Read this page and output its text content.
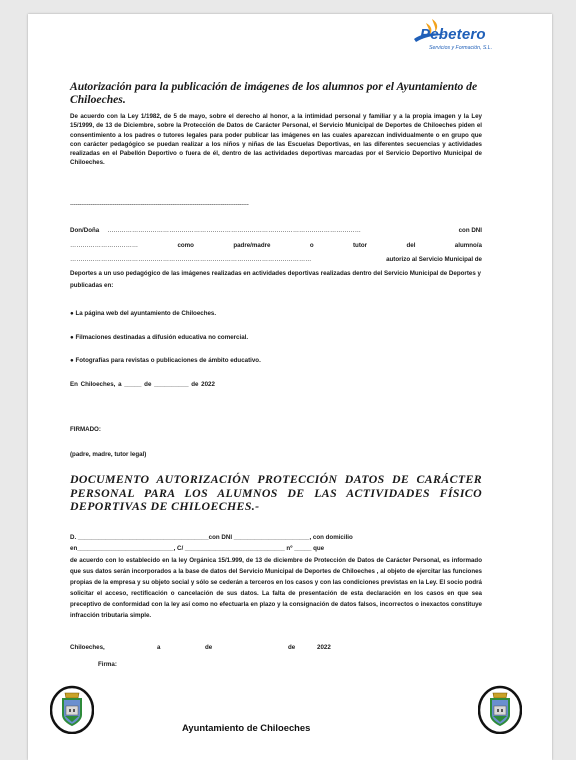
Pebetero
Servicios y Formación, S.L.
Autorización para la publicación de imágenes de los alumnos por el Ayuntamiento de Chiloeches.
De acuerdo con la Ley 1/1982, de 5 de mayo, sobre el derecho al honor, a la intimidad personal y familiar y a la propia imagen y la Ley 15/1999, de 13 de Diciembre, sobre la Protección de Datos de Carácter Personal, el Servicio Municipal de Deportes de Chiloeches piden el consentimiento a los padres o tutores legales para poder publicar las imágenes en las cuales aparezcan individualmente o en grupo que con carácter pedagógico se puedan realizar a los niños y niñas de las Escuelas Deportivas, en las diferentes secuencias y actividades realizadas en el Pabellón Deportivo o fuera de él, dentro de las actividades deportivas marcadas por el Servicio Deportivo Municipal de Chiloeches.
------------------------------------------------------------------------------------------------
Don/Doña ……………………………………………………………………………………………………………	con DNI
……………………………	como	padre/madre	o	tutor	del	alumno/a
………………………………………………………………………………………………………	autorizo al Servicio Municipal de
Deportes a un uso pedagógico de las imágenes realizadas en actividades deportivas realizadas dentro del Servicio Municipal de Deportes y publicadas en:
● La página web del ayuntamiento de Chiloeches.
● Filmaciones destinadas a difusión educativa no comercial.
● Fotografías para revistas o publicaciones de ámbito educativo.
En Chiloeches, a _____ de __________ de 2022
FIRMADO:
(padre, madre, tutor legal)
DOCUMENTO AUTORIZACIÓN PROTECCIÓN DATOS DE CARÁCTER PERSONAL PARA LOS ALUMNOS DE LAS ACTIVIDADES FÍSICO DEPORTIVAS DE CHILOECHES.-
D. ______________________________________con DNI ______________________, con domicilio
en____________________________, C/ _____________________________ nº _____ que
de acuerdo con lo establecido en la ley Orgánica 15/1.999, de 13 de diciembre de Protección de Datos de Carácter Personal, es informado que sus datos serán incorporados a la base de datos del Servicio Municipal de Deportes de Chiloeches , al objeto de ejercitar las funciones propias de la empresa y su objeto social y sólo se cederán a terceros en los casos y con las condiciones previstas en la Ley. El socio podrá solicitar el acceso, rectificación o cancelación de sus datos. La falta de presentación de esta declaración en los casos en que sea preceptivo de conformidad con la ley así como no efectuarla en plazo y la consignación de datos falsos, incorrectos o inexactos constituye infracción tributaria simple.
Chiloeches,	a	de	de	2022
Firma:
Ayuntamiento de Chiloeches
